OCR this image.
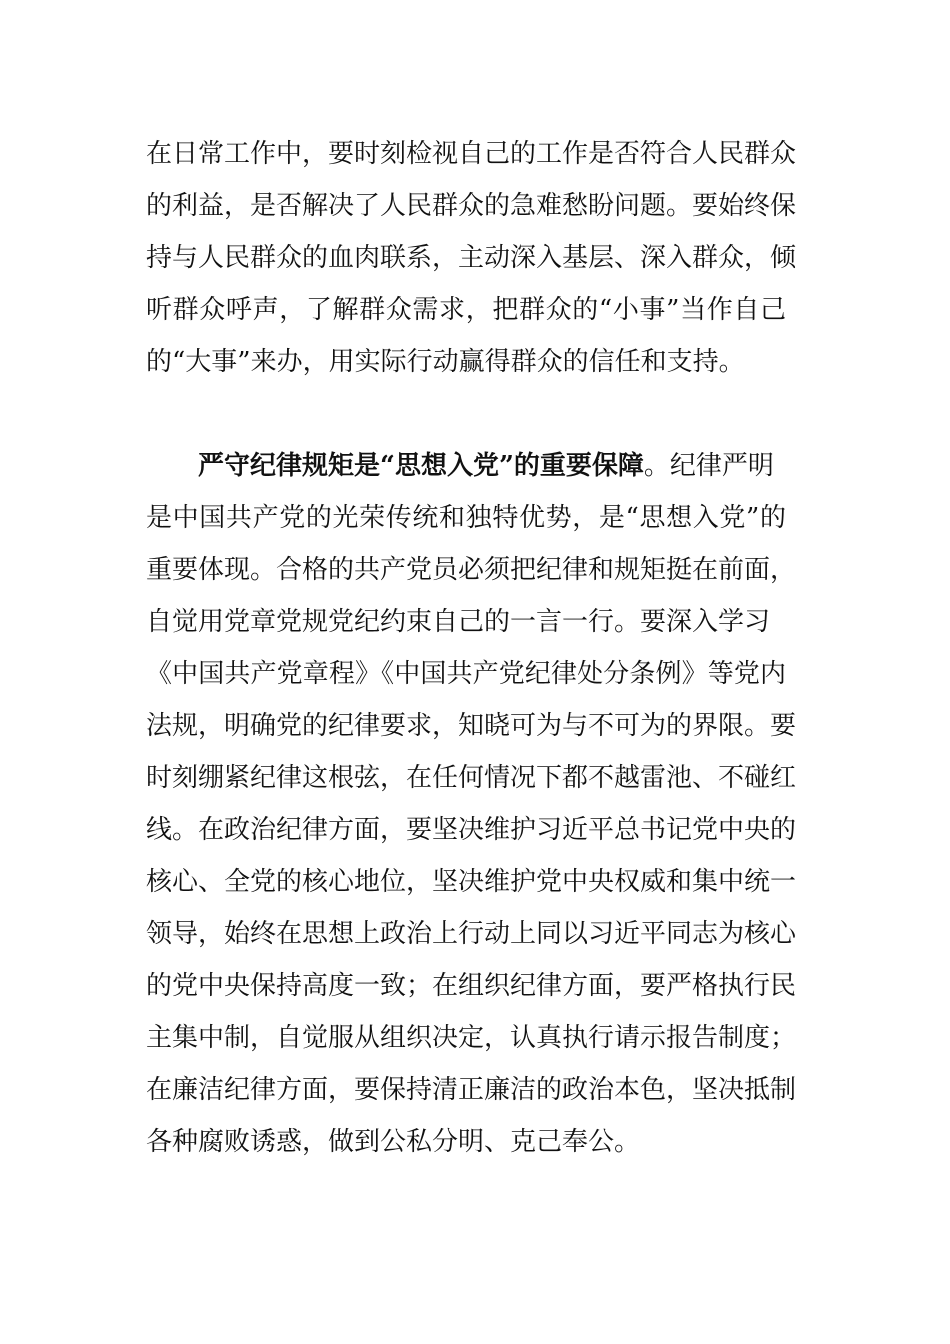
在日常工作中，要时刻检视自己的工作是否符合人民群众
的利益，是否解决了人民群众的急难愁盼问题。要始终保
持与人民群众的血肉联系，主动深入基层、深入群众，倾
听群众呼声，了解群众需求，把群众的“小事”当作自己
的“大事”来办，用实际行动赢得群众的信任和支持。
严守纪律规矩是“思想入党”的重要保障。纪律严明
是中国共产党的光荣传统和独特优势，是“思想入党”的
重要体现。合格的共产党员必须把纪律和规矩挺在前面，
自觉用党章党规党纪约束自己的一言一行。要深入学习
《中国共产党章程》《中国共产党纪律处分条例》等党内
法规，明确党的纪律要求，知晓可为与不可为的界限。要
时刻绷紧纪律这根弦，在任何情况下都不越雷池、不碰红
线。在政治纪律方面，要坚决维护习近平总书记党中央的
核心、全党的核心地位，坚决维护党中央权威和集中统一
领导，始终在思想上政治上行动上同以习近平同志为核心
的党中央保持高度一致；在组织纪律方面，要严格执行民
主集中制，自觉服从组织决定，认真执行请示报告制度；
在廉洁纪律方面，要保持清正廉洁的政治本色，坚决抵制
各种腐败诱惑，做到公私分明、克己奉公。
